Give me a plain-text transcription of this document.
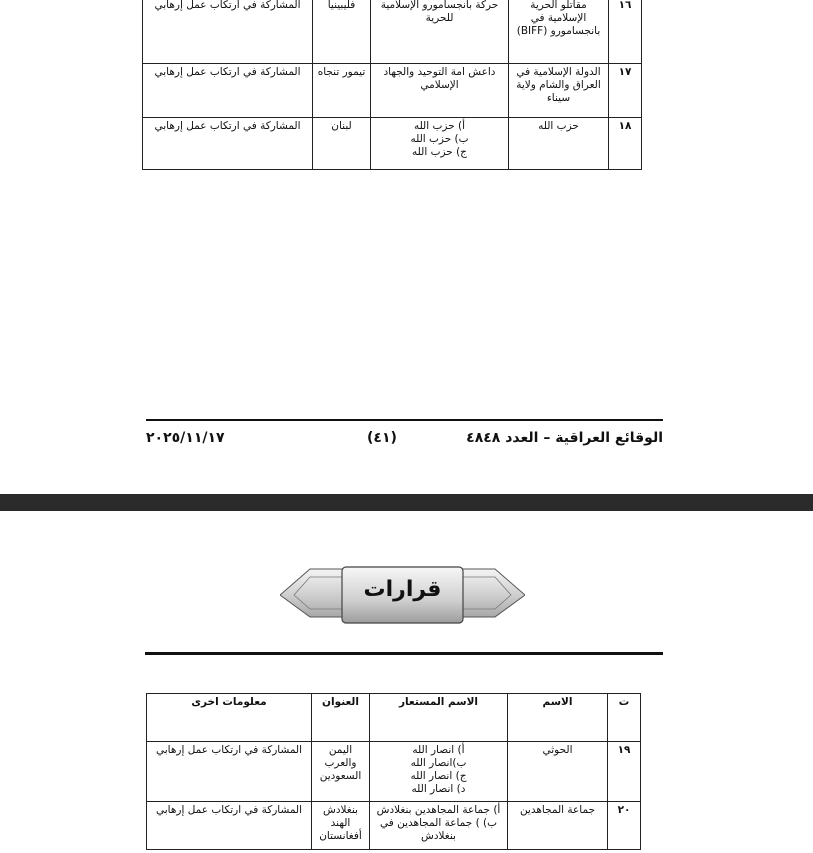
١٦	مقاتلو الحرية الإسلامية في بانجسامورو (BIFF)	حركة بانجسامورو الإسلامية للحرية	فليبينيا	المشاركة في ارتكاب عمل إرهابي
١٧	الدولة الإسلامية في العراق والشام ولاية سيناء	داعش امة التوحيد والجهاد الإسلامي	تيمور تنجاه	المشاركة في ارتكاب عمل إرهابي
١٨	حزب الله	أ) حزب الله
ب) حزب الله
ج) حزب الله	لبنان	المشاركة في ارتكاب عمل إرهابي
الوقائع العراقية – العدد ٤٨٤٨
(٤١)
٢٠٢٥/١١/١٧
قرارات
ت	الاسم	الاسم المستعار	العنوان	معلومات اخرى
١٩	الحوثي	أ) انصار الله
ب)انصار الله
ج) انصار الله
د) انصار الله	اليمن والعرب السعودين	المشاركة في ارتكاب عمل إرهابي
٢٠	جماعة المجاهدين	أ) جماعة المجاهدين بنغلادش
ب) ) جماعة المجاهدين في بنغلادش	بنغلادش الهند أفغانستان	المشاركة في ارتكاب عمل إرهابي
